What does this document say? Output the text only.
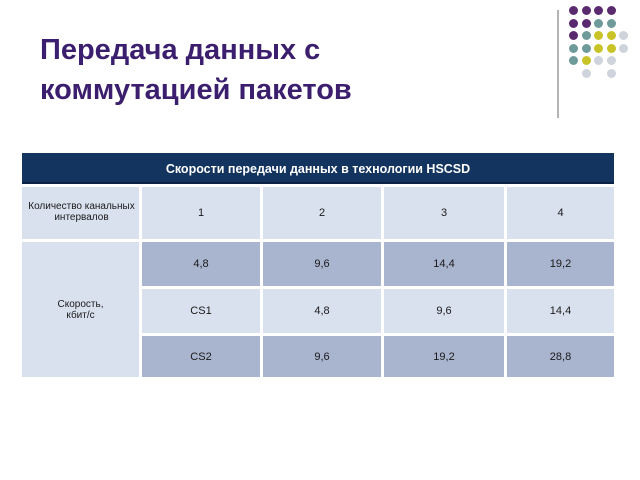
Передача данных с
коммутацией пакетов
Скорости передачи данных в технологии HSCSD
Количество канальных интервалов	1	2	3	4
Скорость, кбит/с
4,8	9,6	14,4	19,2
CS1	4,8	9,6	14,4
CS2	9,6	19,2	28,8
